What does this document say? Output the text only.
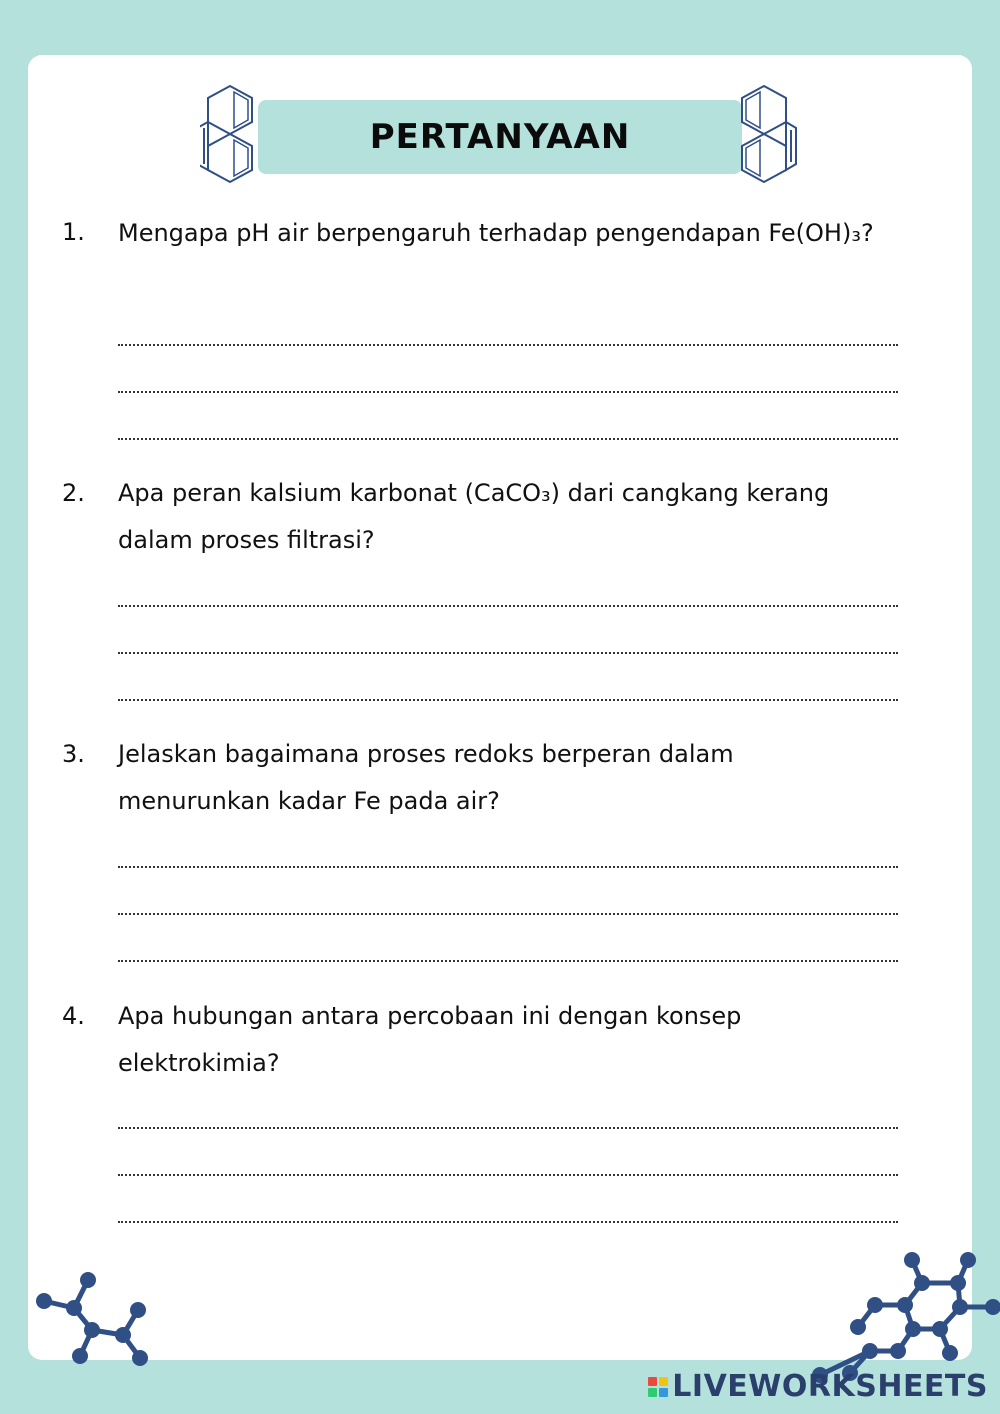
PERTANYAAN
1. Mengapa pH air berpengaruh terhadap pengendapan Fe(OH)₃?
2. Apa peran kalsium karbonat (CaCO₃) dari cangkang kerang dalam proses filtrasi?
3. Jelaskan bagaimana proses redoks berperan dalam menurunkan kadar Fe pada air?
4. Apa hubungan antara percobaan ini dengan konsep elektrokimia?
LIVEWORKSHEETS
